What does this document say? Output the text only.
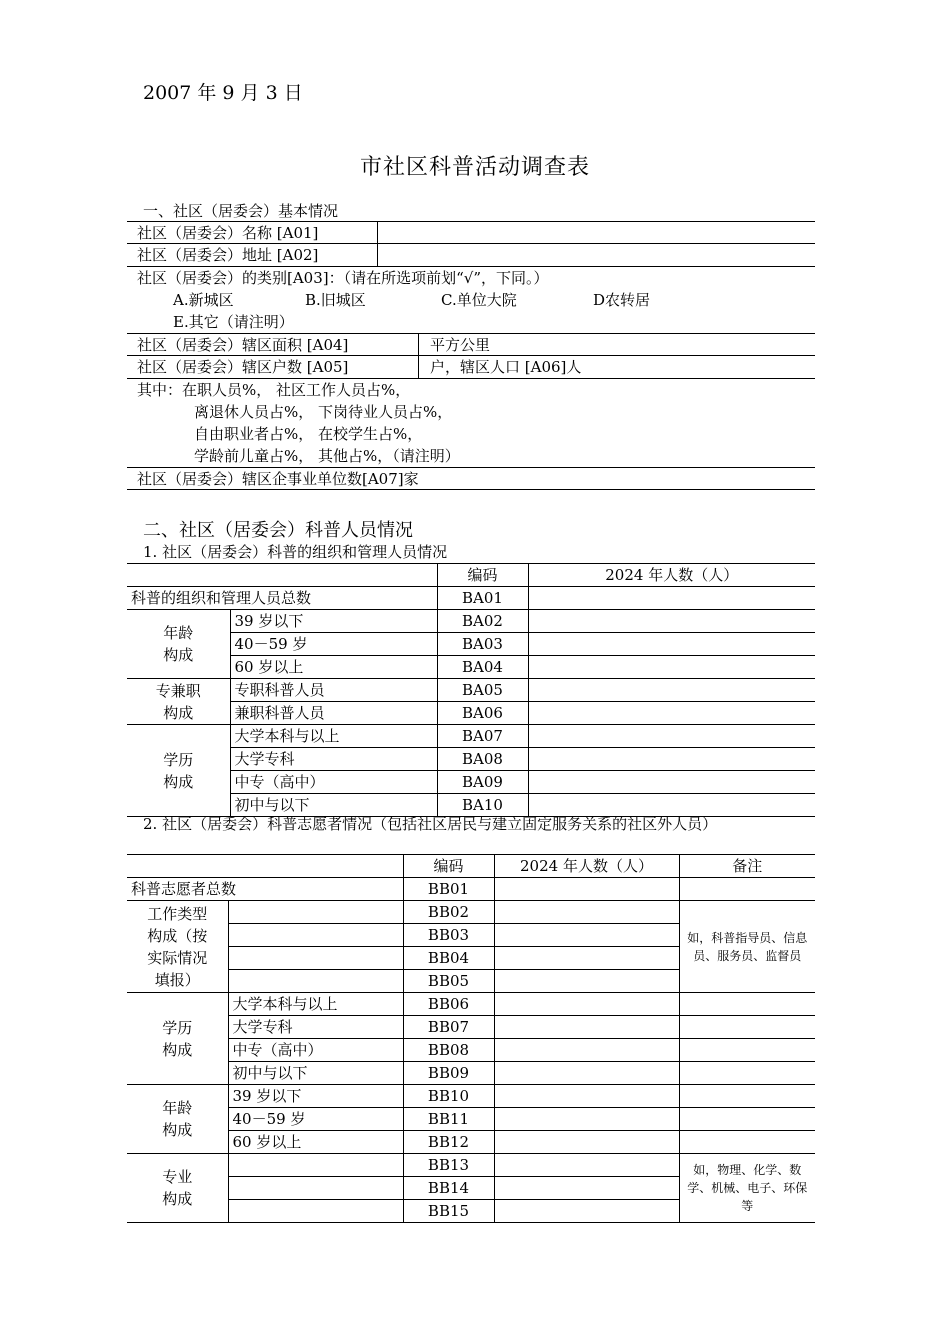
2007 年 9 月 3 日
市社区科普活动调查表
一、社区（居委会）基本情况
社区（居委会）名称 [A01]
社区（居委会）地址 [A02]
社区（居委会）的类别[A03]：（请在所选项前划“√”，下同。）
A.新城区	B.旧城区	C.单位大院	D农转居
E.其它（请注明）
社区（居委会）辖区面积 [A04]	平方公里
社区（居委会）辖区户数 [A05]	户，辖区人口 [A06]人
其中：在职人员%， 社区工作人员占%，
离退休人员占%， 下岗待业人员占%，
自由职业者占%， 在校学生占%，
学龄前儿童占%， 其他占%，（请注明）
社区（居委会）辖区企事业单位数[A07]家
二、社区（居委会）科普人员情况
1. 社区（居委会）科普的组织和管理人员情况
		编码	2024 年人数（人）
科普的组织和管理人员总数		BA01	
年龄
构成	39 岁以下	BA02	
	40－59 岁	BA03	
	60 岁以上	BA04	
专兼职
构成	专职科普人员	BA05	
	兼职科普人员	BA06	
学历
构成	大学本科与以上	BA07	
	大学专科	BA08	
	中专（高中）	BA09	
	初中与以下	BA10	
2. 社区（居委会）科普志愿者情况（包括社区居民与建立固定服务关系的社区外人员）
		编码	2024 年人数（人）	备注
科普志愿者总数		BB01		
工作类型
构成（按
实际情况
填报）		BB02		如，科普指导员、信息员、服务员、监督员
		BB03		
		BB04		
		BB05		
学历
构成	大学本科与以上	BB06		
	大学专科	BB07		
	中专（高中）	BB08		
	初中与以下	BB09		
年龄
构成	39 岁以下	BB10		
	40－59 岁	BB11		
	60 岁以上	BB12		
专业
构成		BB13		如，物理、化学、数学、机械、电子、环保等
		BB14		
		BB15		
